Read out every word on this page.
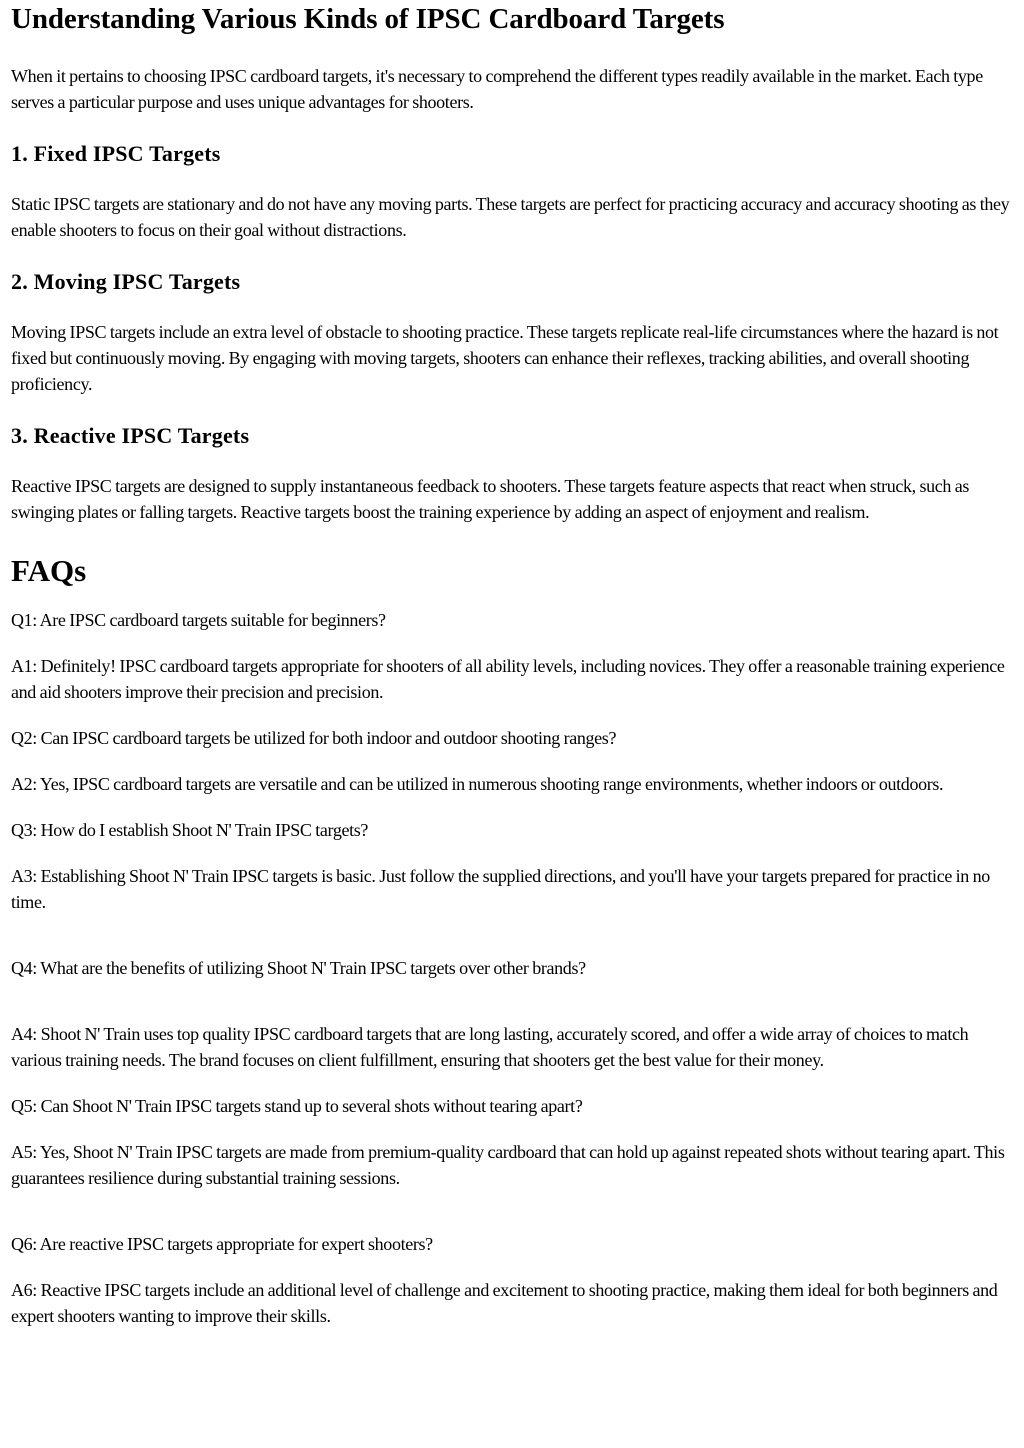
Understanding Various Kinds of IPSC Cardboard Targets

When it pertains to choosing IPSC cardboard targets, it's necessary to comprehend the different types readily available in the market. Each type serves a particular purpose and uses unique advantages for shooters.

1. Fixed IPSC Targets

Static IPSC targets are stationary and do not have any moving parts. These targets are perfect for practicing accuracy and accuracy shooting as they enable shooters to focus on their goal without distractions.

2. Moving IPSC Targets

Moving IPSC targets include an extra level of obstacle to shooting practice. These targets replicate real-life circumstances where the hazard is not fixed but continuously moving. By engaging with moving targets, shooters can enhance their reflexes, tracking abilities, and overall shooting proficiency.

3. Reactive IPSC Targets

Reactive IPSC targets are designed to supply instantaneous feedback to shooters. These targets feature aspects that react when struck, such as swinging plates or falling targets. Reactive targets boost the training experience by adding an aspect of enjoyment and realism.

FAQs

Q1: Are IPSC cardboard targets suitable for beginners?

A1: Definitely! IPSC cardboard targets appropriate for shooters of all ability levels, including novices. They offer a reasonable training experience and aid shooters improve their precision and precision.

Q2: Can IPSC cardboard targets be utilized for both indoor and outdoor shooting ranges?

A2: Yes, IPSC cardboard targets are versatile and can be utilized in numerous shooting range environments, whether indoors or outdoors.

Q3: How do I establish Shoot N' Train IPSC targets?

A3: Establishing Shoot N' Train IPSC targets is basic. Just follow the supplied directions, and you'll have your targets prepared for practice in no time.

Q4: What are the benefits of utilizing Shoot N' Train IPSC targets over other brands?

A4: Shoot N' Train uses top quality IPSC cardboard targets that are long lasting, accurately scored, and offer a wide array of choices to match various training needs. The brand focuses on client fulfillment, ensuring that shooters get the best value for their money.

Q5: Can Shoot N' Train IPSC targets stand up to several shots without tearing apart?

A5: Yes, Shoot N' Train IPSC targets are made from premium-quality cardboard that can hold up against repeated shots without tearing apart. This guarantees resilience during substantial training sessions.

Q6: Are reactive IPSC targets appropriate for expert shooters?

A6: Reactive IPSC targets include an additional level of challenge and excitement to shooting practice, making them ideal for both beginners and expert shooters wanting to improve their skills.
